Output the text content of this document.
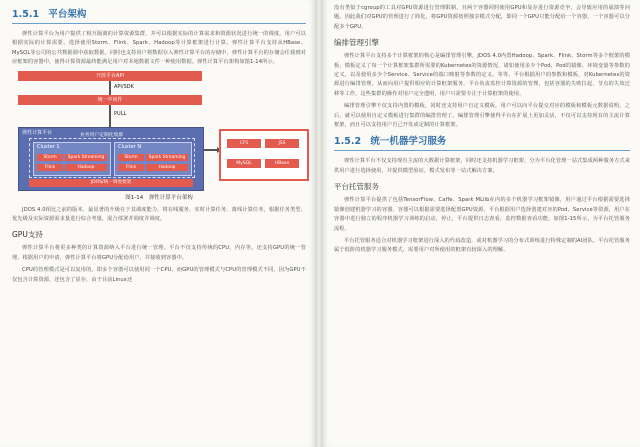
1.5.1 平台架构

弹性计算平台为用户提供了相互隔离的计算资源集群，并可以根据实际的计算需求和资源状况进行统一的调度。用户可以根据实际的计算需要，选择使用Storm、Flink、Spark、Hadoop等计算框架进行计算。弹性计算平台支持从HBase、MySQL等公司的公共数据源中获取数据。同时也支持用户将数据存入弹性计算平台的存储中，弹性计算平台的存储会任我到对应框架的容器中，使得计算资源最终能满足用户对本地数据文件一种使用数据。弹性计算平台架构如图1-14所示。

开放平台API
API/SDK
统一中间件
PULL
弹性计算平台	业务用户定制化集群
Cluster 1
Storm	Spark Streaming
Flink	Hadoop
Cluster N
Storm	Spark Streaming
Flink	Hadoop
JDOS/统一调度框架
CFS	JSS
MySQL	HBase
图1-14　弹性计算平台架构

JDOS 4.0相比之前的版本，最显著的升级在于其调度能力，将在线服务、实时计算任务、离线计算任务，根据任务类型、优先级及实际资源需求量进行综合考量，混合部署并调度并调度。

GPU支持

弹性计算平台将更多种类的计算资源纳入平台进行统一管理。平台不仅支持传统的CPU。内存等。还支持GPU的统一管理。根据用户的申请，弹性计算平台将GPU分配给用户，并接收到容器中。

CPU的管理模式是可以复用的，即多个容器可以使用同一个CPU，而GPU的管理模式与CPU的管理模式不同，因为GPU不仅包含计算资源，还包含了显存，由于目前Linux还

没有类似于cgroup的工具对GPU资源进行管理限制，且两个容器同时使用GPU和显存进行资源竞争，会导致应用的崩溃等问题。因此我们对GPU的管理进行了简化，将GPU资源按照独享模式分配，即同一个GPU只能分配给一个容器，一个容器可以分配多个GPU。

编排管理引擎

弹性计算平台支持多个计算框架的核心是编排管理引擎，JDOS 4.0内置Hadoop、Spark、Flink、Storm等多个框架的模板，模板定义了每一个计算框架集群所需要的Kubernetes的资源情况，诸如使用多少个Pod，Pod的镜像、环境变量等参数的定义，以及使用多少个Service、Service的端口映射等参数的定义。等等。平台根据用户的参数和模板，对Kubernetes的资源进行编排管理，从而向用户提供相应的计算框架服务。平台负责监控计算资源的管理，包括容器的失败拉起、节点的失效迁移等工作。这些集群的操作对用户完全透明，用户只需要专注于计算框架的使用。

编排管理引擎不仅支持内置的模板，同时还支持用户自定义模板。用户可以向平台提交对应的模板和模板元数据说明，之后，就可以使用自定义模板进行集群的编排管理了。编排管理引擎使得平台在扩展上更加灵活，不仅可以支持现有的主流计算框架，而且可以支持用户自己开发或定制的计算框架。

1.5.2 统一机器学习服务

弹性计算平台不仅支持现有主流的大数据计算框架，同时还支持机器学习框架，分为平台化管理一站式集成两种服务方式来供用户进行选择使用，并提供模型验证，模式发布等一站式解决方案。

平台托管服务

弹性计算平台提供了包括TensorFlow、Caffe、Spark MLlib在内的多个机器学习框架镜像，用户通过平台根据需要选择镜像创建机器学习的容器，容器可以根据需要选择配置GPU资源。平台根据用户选择创建对应的Pod、Service等资源，用户在容器中进行独立的程序机器学习训练的启动，停止，平台提供日志查看，监控数据查看功能，如图1-15所示，为平台托管服务流程。

平台托管服务适合对机器学习框架进行深入的代码改造，或对机器学习的分布式训练进行特殊定制的AI团队。平台托管服务属于低阶的机器学习服务模式，需要用户对所使用的框架有较深入的理解。
